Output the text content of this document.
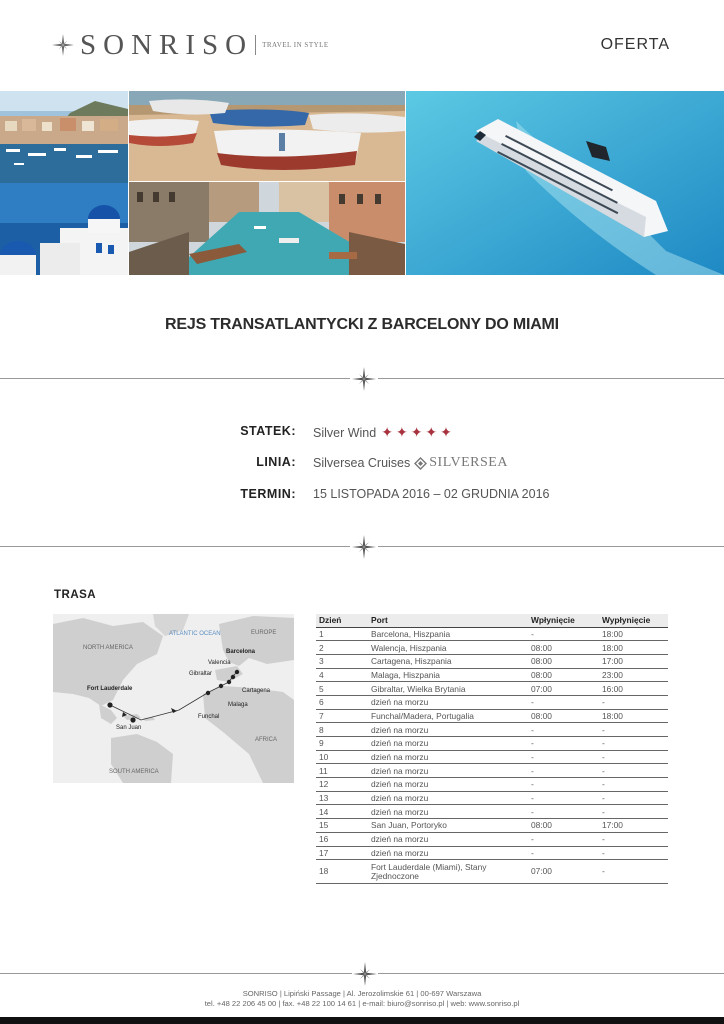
SONRISO TRAVEL IN STYLE	OFERTA
REJS TRANSATLANTYCKI Z BARCELONY DO MIAMI
STATEK: Silver Wind ✦ ✦ ✦ ✦ ✦
LINIA: Silversea Cruises SILVERSEA
TERMIN: 15 LISTOPADA 2016 – 02 GRUDNIA 2016
TRASA
ATLANTIC OCEAN	EUROPE
NORTH AMERICA
AFRICA
SOUTH AMERICA
Barcelona
Valencia
Gibraltar
Cartagena
Malaga
Funchal
Fort Lauderdale
San Juan
Dzień	Port	Wpłynięcie	Wypłynięcie
1	Barcelona, Hiszpania	-	18:00
2	Walencja, Hiszpania	08:00	18:00
3	Cartagena, Hiszpania	08:00	17:00
4	Malaga, Hiszpania	08:00	23:00
5	Gibraltar, Wielka Brytania	07:00	16:00
6	dzień na morzu	-	-
7	Funchal/Madera, Portugalia	08:00	18:00
8	dzień na morzu	-	-
9	dzień na morzu	-	-
10	dzień na morzu	-	-
11	dzień na morzu	-	-
12	dzień na morzu	-	-
13	dzień na morzu	-	-
14	dzień na morzu	-	-
15	San Juan, Portoryko	08:00	17:00
16	dzień na morzu	-	-
17	dzień na morzu	-	-
18	Fort Lauderdale (Miami), Stany Zjednoczone	07:00	-
SONRISO | Lipiński Passage | Al. Jerozolimskie 61 | 00-697 Warszawa
tel. +48 22 206 45 00 | fax. +48 22 100 14 61 | e-mail: biuro@sonriso.pl | web: www.sonriso.pl
